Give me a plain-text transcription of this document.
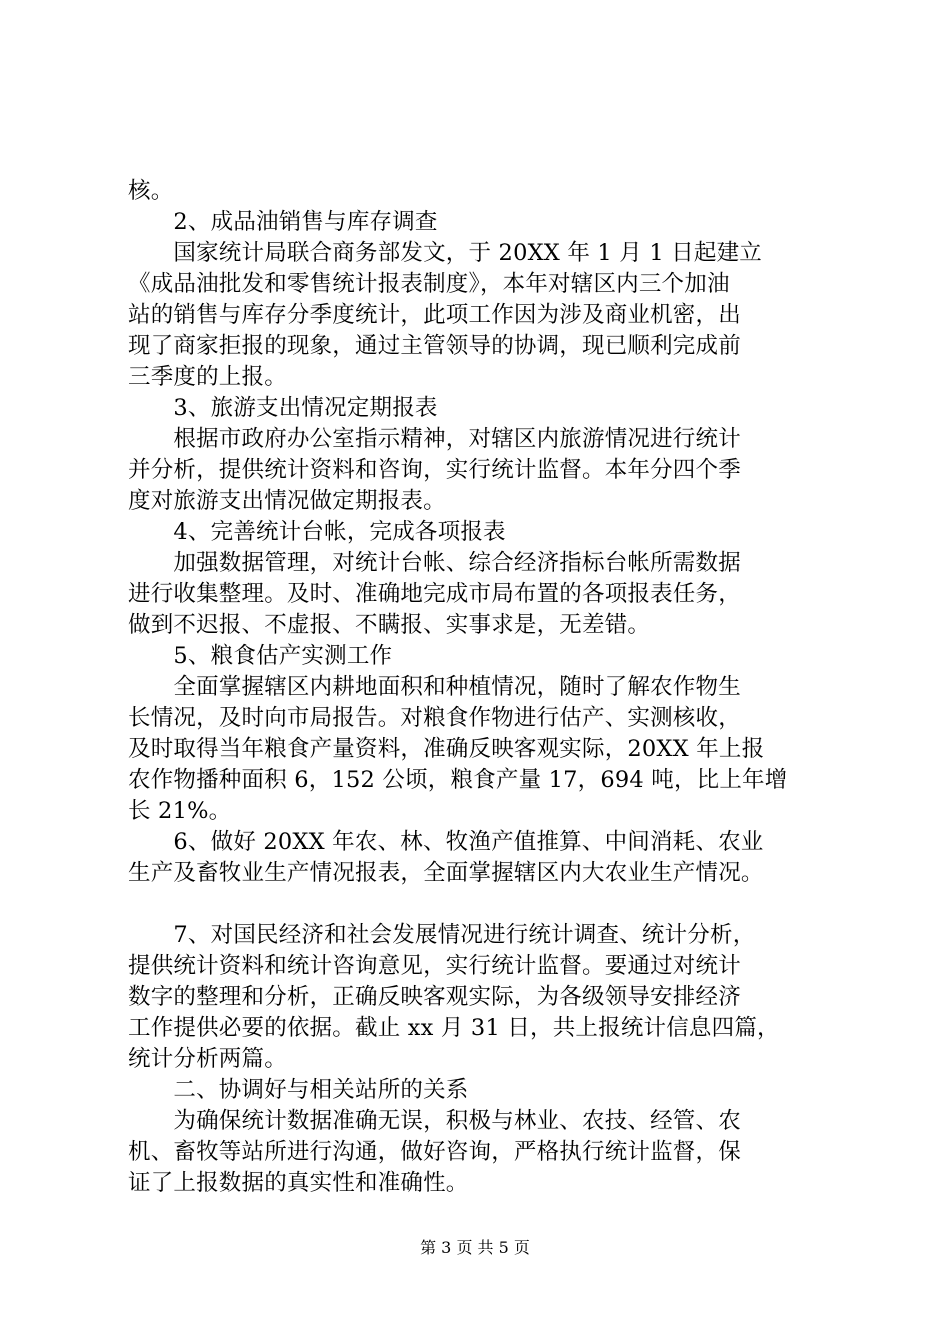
核。
　　2、成品油销售与库存调查
　　国家统计局联合商务部发文，于 20XX 年 1 月 1 日起建立
《成品油批发和零售统计报表制度》，本年对辖区内三个加油
站的销售与库存分季度统计，此项工作因为涉及商业机密，出
现了商家拒报的现象，通过主管领导的协调，现已顺利完成前
三季度的上报。
　　3、旅游支出情况定期报表
　　根据市政府办公室指示精神，对辖区内旅游情况进行统计
并分析，提供统计资料和咨询，实行统计监督。本年分四个季
度对旅游支出情况做定期报表。
　　4、完善统计台帐，完成各项报表
　　加强数据管理，对统计台帐、综合经济指标台帐所需数据
进行收集整理。及时、准确地完成市局布置的各项报表任务，
做到不迟报、不虚报、不瞒报、实事求是，无差错。
　　5、粮食估产实测工作
　　全面掌握辖区内耕地面积和种植情况，随时了解农作物生
长情况，及时向市局报告。对粮食作物进行估产、实测核收，
及时取得当年粮食产量资料，准确反映客观实际，20XX 年上报
农作物播种面积 6，152 公顷，粮食产量 17，694 吨，比上年增
长 21%。
　　6、做好 20XX 年农、林、牧渔产值推算、中间消耗、农业
生产及畜牧业生产情况报表，全面掌握辖区内大农业生产情况。
　　7、对国民经济和社会发展情况进行统计调查、统计分析，
提供统计资料和统计咨询意见，实行统计监督。要通过对统计
数字的整理和分析，正确反映客观实际，为各级领导安排经济
工作提供必要的依据。截止 xx 月 31 日，共上报统计信息四篇，
统计分析两篇。
　　二、协调好与相关站所的关系
　　为确保统计数据准确无误，积极与林业、农技、经管、农
机、畜牧等站所进行沟通，做好咨询，严格执行统计监督，保
证了上报数据的真实性和准确性。
第 3 页 共 5 页
